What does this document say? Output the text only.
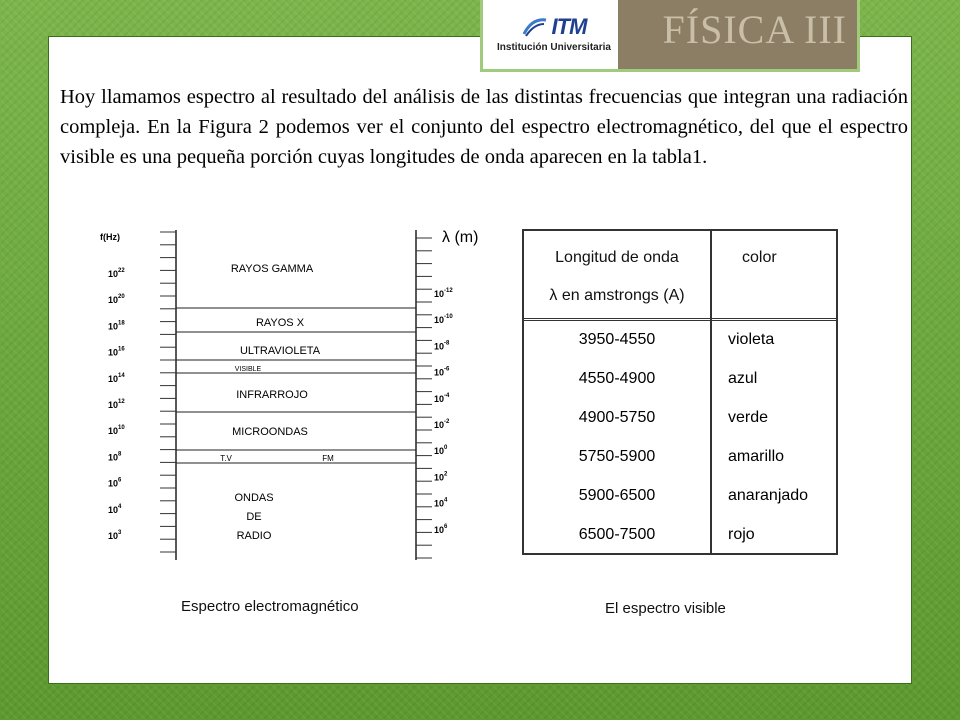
ITM
Institución Universitaria FÍSICA III
Hoy llamamos espectro al resultado del análisis de las distintas frecuencias que integran una radiación compleja. En la Figura 2 podemos ver el conjunto del espectro electromagnético, del que el espectro visible es una pequeña porción cuyas longitudes de onda aparecen en la tabla1.
f(Hz)	λ (m)
$10^{22}$
$10^{20}$
$10^{18}$
$10^{16}$
$10^{14}$
$10^{12}$
$10^{10}$
$10^8$
$10^6$
$10^4$
$10^3$
$10^{-12}$
$10^{-10}$
$10^{-8}$
$10^{-6}$
$10^{-4}$
$10^{-2}$
$10^0$
$10^2$
$10^4$
$10^6$
RAYOS GAMMA
RAYOS X
ULTRAVIOLETA
VISIBLE
INFRARROJO
MICROONDAS
T.V	FM
ONDAS
DE
RADIO
Espectro electromagnético
Longitud de onda
λ en amstrongs (A)
color
3950-4550	violeta
4550-4900	azul
4900-5750	verde
5750-5900	amarillo
5900-6500	anaranjado
6500-7500	rojo
El espectro visible
